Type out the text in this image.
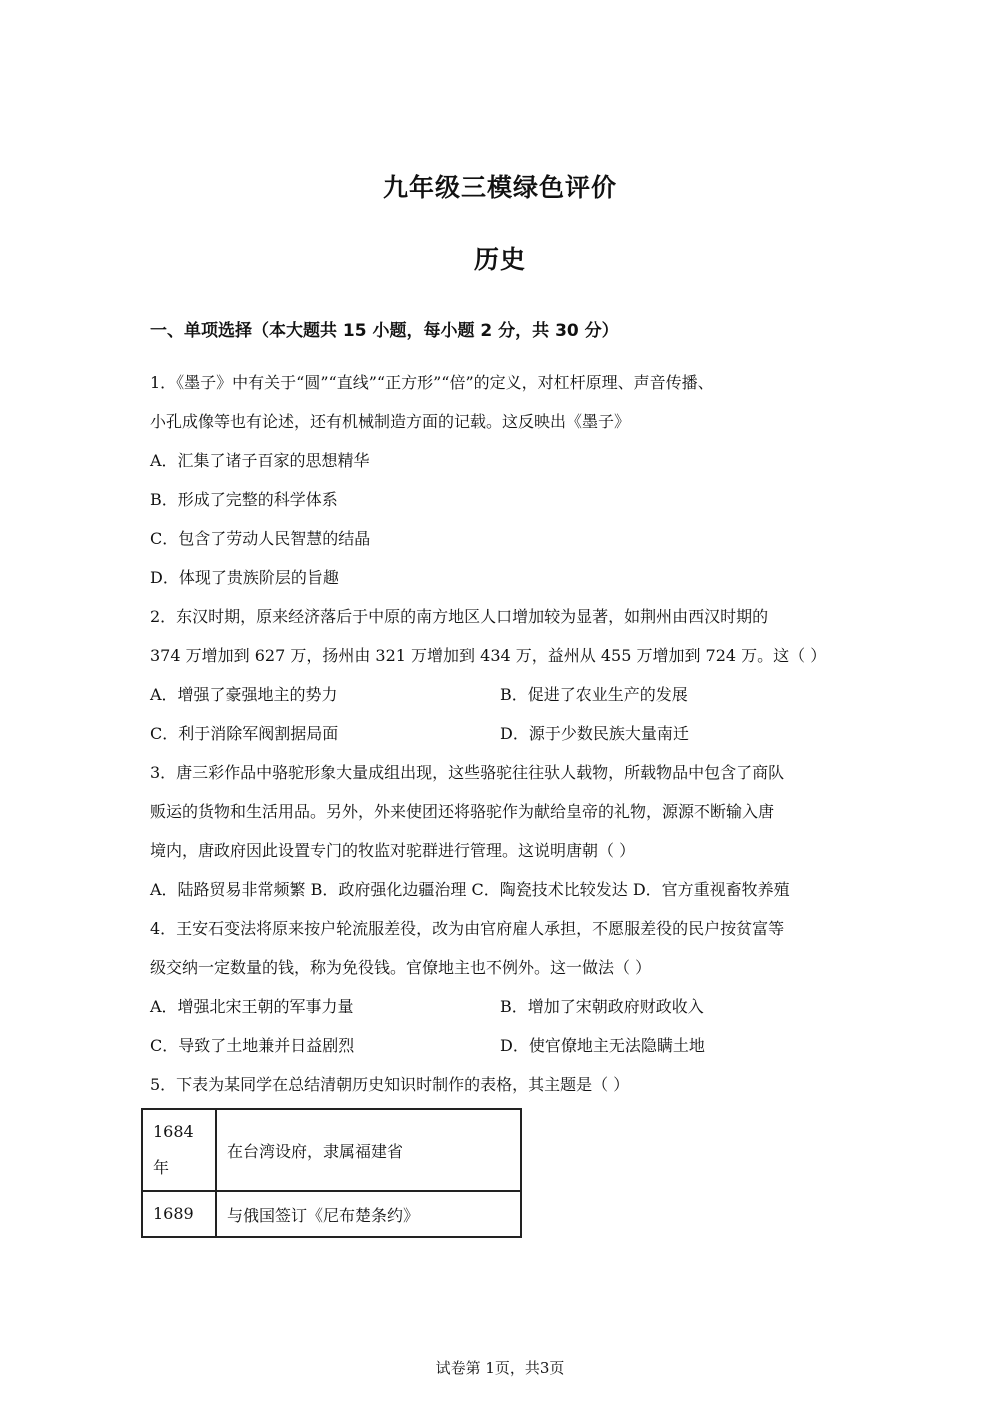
九年级三模绿色评价
历史
一、单项选择（本大题共 15 小题，每小题 2 分，共 30 分）
1．《墨子》中有关于“圆”“直线”“正方形”“倍”的定义，对杠杆原理、声音传播、
小孔成像等也有论述，还有机械制造方面的记载。这反映出《墨子》
A．汇集了诸子百家的思想精华
B．形成了完整的科学体系
C．包含了劳动人民智慧的结晶
D．体现了贵族阶层的旨趣
2．东汉时期，原来经济落后于中原的南方地区人口增加较为显著，如荆州由西汉时期的
374 万增加到 627 万，扬州由 321 万增加到 434 万，益州从 455 万增加到 724 万。这（ ）
A．增强了豪强地主的势力	B．促进了农业生产的发展
C．利于消除军阀割据局面	D．源于少数民族大量南迁
3．唐三彩作品中骆驼形象大量成组出现，这些骆驼往往驮人载物，所载物品中包含了商队
贩运的货物和生活用品。另外，外来使团还将骆驼作为献给皇帝的礼物，源源不断输入唐
境内，唐政府因此设置专门的牧监对驼群进行管理。这说明唐朝（ ）
A．陆路贸易非常频繁 B．政府强化边疆治理 C．陶瓷技术比较发达 D．官方重视畜牧养殖
4．王安石变法将原来按户轮流服差役，改为由官府雇人承担，不愿服差役的民户按贫富等
级交纳一定数量的钱，称为免役钱。官僚地主也不例外。这一做法（ ）
A．增强北宋王朝的军事力量	B．增加了宋朝政府财政收入
C．导致了土地兼并日益剧烈	D．使官僚地主无法隐瞒土地
5．下表为某同学在总结清朝历史知识时制作的表格，其主题是（ ）
1684 年	在台湾设府，隶属福建省
1689	与俄国签订《尼布楚条约》
试卷第 1页，共3页
